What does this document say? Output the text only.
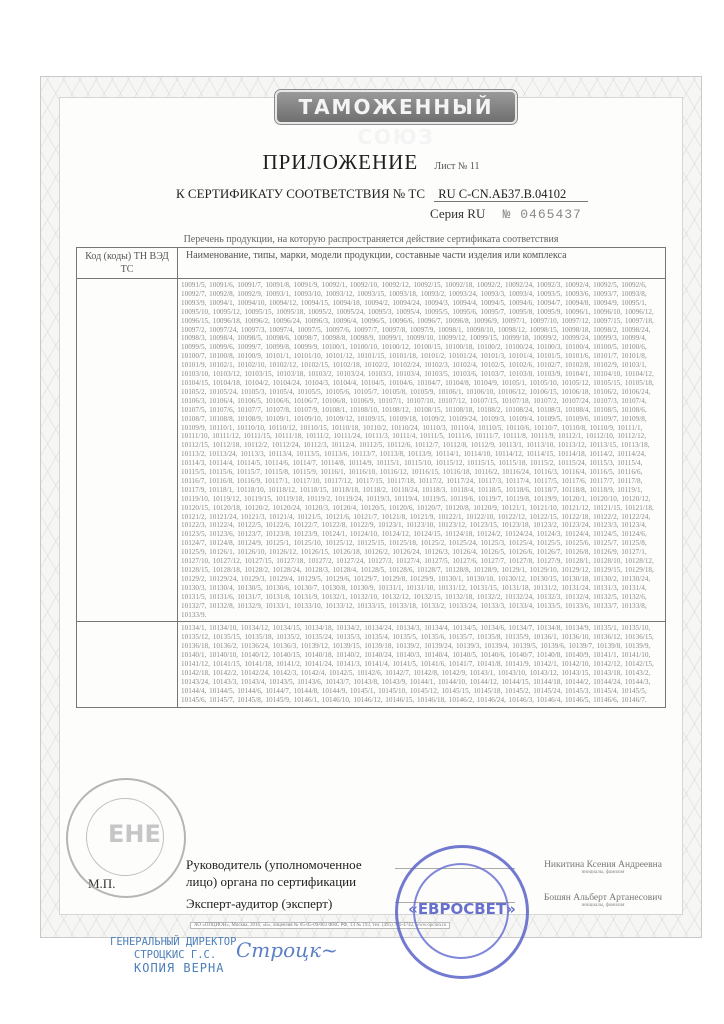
ТАМОЖЕННЫЙ СОЮЗ
ПРИЛОЖЕНИЕ Лист № 11
К СЕРТИФИКАТУ СООТВЕТСТВИЯ № ТС RU C-CN.АБ37.В.04102
Серия RU № 0465437
Перечень продукции, на которую распространяется действие сертификата соответствия
Код (коды) ТН ВЭД ТС	Наименование, типы, марки, модели продукции, составные части изделия или комплекса
	10091/5, 10091/6, 10091/7, 10091/8, 10091/9, 10092/1, 10092/10, 10092/12, 10092/15, 10092/18, 10092/2, 10092/24, 10092/3, 10092/4, 10092/5, 10092/6, 10092/7, 10092/8, 10092/9, 10093/1, 10093/10, 10093/12, 10093/15, 10093/18, 10093/2, 10093/24, 10093/3, 10093/4, 10093/5, 10093/6, 10093/7, 10093/8, 10093/9, 10094/1, 10094/10, 10094/12, 10094/15, 10094/18, 10094/2, 10094/24, 10094/3, 10094/4, 10094/5, 10094/6, 10094/7, 10094/8, 10094/9, 10095/1, 10095/10, 10095/12, 10095/15, 10095/18, 10095/2, 10095/24, 10095/3, 10095/4, 10095/5, 10095/6, 10095/7, 10095/8, 10095/9, 10096/1, 10096/10, 10096/12, 10096/15, 10096/18, 10096/2, 10096/24, 10096/3, 10096/4, 10096/5, 10096/6, 10096/7, 10096/8, 10096/9, 10097/1, 10097/10, 10097/12, 10097/15, 10097/18, 10097/2, 10097/24, 10097/3, 10097/4, 10097/5, 10097/6, 10097/7, 10097/8, 10097/9, 10098/1, 10098/10, 10098/12, 10098/15, 10098/18, 10098/2, 10098/24, 10098/3, 10098/4, 10098/5, 10098/6, 10098/7, 10098/8, 10098/9, 10099/1, 10099/10, 10099/12, 10099/15, 10099/18, 10099/2, 10099/24, 10099/3, 10099/4, 10099/5, 10099/6, 10099/7, 10099/8, 10099/9, 10100/1, 10100/10, 10100/12, 10100/15, 10100/18, 10100/2, 10100/24, 10100/3, 10100/4, 10100/5, 10100/6, 10100/7, 10100/8, 10100/9, 10101/1, 10101/10, 10101/12, 10101/15, 10101/18, 10101/2, 10101/24, 10101/3, 10101/4, 10101/5, 10101/6, 10101/7, 10101/8, 10101/9, 10102/1, 10102/10, 10102/12, 10102/15, 10102/18, 10102/2, 10102/24, 10102/3, 10102/4, 10102/5, 10102/6, 10102/7, 10102/8, 10102/9, 10103/1, 10103/10, 10103/12, 10103/15, 10103/18, 10103/2, 10103/24, 10103/3, 10103/4, 10103/5, 10103/6, 10103/7, 10103/8, 10103/9, 10104/1, 10104/10, 10104/12, 10104/15, 10104/18, 10104/2, 10104/24, 10104/3, 10104/4, 10104/5, 10104/6, 10104/7, 10104/8, 10104/9, 10105/1, 10105/10, 10105/12, 10105/15, 10105/18, 10105/2, 10105/24, 10105/3, 10105/4, 10105/5, 10105/6, 10105/7, 10105/8, 10105/9, 10106/1, 10106/10, 10106/12, 10106/15, 10106/18, 10106/2, 10106/24, 10106/3, 10106/4, 10106/5, 10106/6, 10106/7, 10106/8, 10106/9, 10107/1, 10107/10, 10107/12, 10107/15, 10107/18, 10107/2, 10107/24, 10107/3, 10107/4, 10107/5, 10107/6, 10107/7, 10107/8, 10107/9, 10108/1, 10108/10, 10108/12, 10108/15, 10108/18, 10108/2, 10108/24, 10108/3, 10108/4, 10108/5, 10108/6, 10108/7, 10108/8, 10108/9, 10109/1, 10109/10, 10109/12, 10109/15, 10109/18, 10109/2, 10109/24, 10109/3, 10109/4, 10109/5, 10109/6, 10109/7, 10109/8, 10109/9, 10110/1, 10110/10, 10110/12, 10110/15, 10110/18, 10110/2, 10110/24, 10110/3, 10110/4, 10110/5, 10110/6, 10110/7, 10110/8, 10110/9, 10111/1, 10111/10, 10111/12, 10111/15, 10111/18, 10111/2, 10111/24, 10111/3, 10111/4, 10111/5, 10111/6, 10111/7, 10111/8, 10111/9, 10112/1, 10112/10, 10112/12, 10112/15, 10112/18, 10112/2, 10112/24, 10112/3, 10112/4, 10112/5, 10112/6, 10112/7, 10112/8, 10112/9, 10113/1, 10113/10, 10113/12, 10113/15, 10113/18, 10113/2, 10113/24, 10113/3, 10113/4, 10113/5, 10113/6, 10113/7, 10113/8, 10113/9, 10114/1, 10114/10, 10114/12, 10114/15, 10114/18, 10114/2, 10114/24, 10114/3, 10114/4, 10114/5, 10114/6, 10114/7, 10114/8, 10114/9, 10115/1, 10115/10, 10115/12, 10115/15, 10115/18, 10115/2, 10115/24, 10115/3, 10115/4, 10115/5, 10115/6, 10115/7, 10115/8, 10115/9, 10116/1, 10116/10, 10116/12, 10116/15, 10116/18, 10116/2, 10116/24, 10116/3, 10116/4, 10116/5, 10116/6, 10116/7, 10116/8, 10116/9, 10117/1, 10117/10, 10117/12, 10117/15, 10117/18, 10117/2, 10117/24, 10117/3, 10117/4, 10117/5, 10117/6, 10117/7, 10117/8, 10117/9, 10118/1, 10118/10, 10118/12, 10118/15, 10118/18, 10118/2, 10118/24, 10118/3, 10118/4, 10118/5, 10118/6, 10118/7, 10118/8, 10118/9, 10119/1, 10119/10, 10119/12, 10119/15, 10119/18, 10119/2, 10119/24, 10119/3, 10119/4, 10119/5, 10119/6, 10119/7, 10119/8, 10119/9, 10120/1, 10120/10, 10120/12, 10120/15, 10120/18, 10120/2, 10120/24, 10120/3, 10120/4, 10120/5, 10120/6, 10120/7, 10120/8, 10120/9, 10121/1, 10121/10, 10121/12, 10121/15, 10121/18, 10121/2, 10121/24, 10121/3, 10121/4, 10121/5, 10121/6, 10121/7, 10121/8, 10121/9, 10122/1, 10122/10, 10122/12, 10122/15, 10122/18, 10122/2, 10122/24, 10122/3, 10122/4, 10122/5, 10122/6, 10122/7, 10122/8, 10122/9, 10123/1, 10123/10, 10123/12, 10123/15, 10123/18, 10123/2, 10123/24, 10123/3, 10123/4, 10123/5, 10123/6, 10123/7, 10123/8, 10123/9, 10124/1, 10124/10, 10124/12, 10124/15, 10124/18, 10124/2, 10124/24, 10124/3, 10124/4, 10124/5, 10124/6, 10124/7, 10124/8, 10124/9, 10125/1, 10125/10, 10125/12, 10125/15, 10125/18, 10125/2, 10125/24, 10125/3, 10125/4, 10125/5, 10125/6, 10125/7, 10125/8, 10125/9, 10126/1, 10126/10, 10126/12, 10126/15, 10126/18, 10126/2, 10126/24, 10126/3, 10126/4, 10126/5, 10126/6, 10126/7, 10126/8, 10126/9, 10127/1, 10127/10, 10127/12, 10127/15, 10127/18, 10127/2, 10127/24, 10127/3, 10127/4, 10127/5, 10127/6, 10127/7, 10127/8, 10127/9, 10128/1, 10128/10, 10128/12, 10128/15, 10128/18, 10128/2, 10128/24, 10128/3, 10128/4, 10128/5, 10128/6, 10128/7, 10128/8, 10128/9, 10129/1, 10129/10, 10129/12, 10129/15, 10129/18, 10129/2, 10129/24, 10129/3, 10129/4, 10129/5, 10129/6, 10129/7, 10129/8, 10129/9, 10130/1, 10130/10, 10130/12, 10130/15, 10130/18, 10130/2, 10130/24, 10130/3, 10130/4, 10130/5, 10130/6, 10130/7, 10130/8, 10130/9, 10131/1, 10131/10, 10131/12, 10131/15, 10131/18, 10131/2, 10131/24, 10131/3, 10131/4, 10131/5, 10131/6, 10131/7, 10131/8, 10131/9, 10132/1, 10132/10, 10132/12, 10132/15, 10132/18, 10132/2, 10132/24, 10132/3, 10132/4, 10132/5, 10132/6, 10132/7, 10132/8, 10132/9, 10133/1, 10133/10, 10133/12, 10133/15, 10133/18, 10133/2, 10133/24, 10133/3, 10133/4, 10133/5, 10133/6, 10133/7, 10133/8, 10133/9.
	10134/1, 10134/10, 10134/12, 10134/15, 10134/18, 10134/2, 10134/24, 10134/3, 10134/4, 10134/5, 10134/6, 10134/7, 10134/8, 10134/9, 10135/1, 10135/10, 10135/12, 10135/15, 10135/18, 10135/2, 10135/24, 10135/3, 10135/4, 10135/5, 10135/6, 10135/7, 10135/8, 10135/9, 10136/1, 10136/10, 10136/12, 10136/15, 10136/18, 10136/2, 10136/24, 10136/3, 10139/12, 10139/15, 10139/18, 10139/2, 10139/24, 10139/3, 10139/4, 10139/5, 10139/6, 10139/7, 10139/8, 10139/9, 10140/1, 10140/10, 10140/12, 10140/15, 10140/18, 10140/2, 10140/24, 10140/3, 10140/4, 10140/5, 10140/6, 10140/7, 10140/8, 10140/9, 10141/1, 10141/10, 10141/12, 10141/15, 10141/18, 10141/2, 10141/24, 10141/3, 10141/4, 10141/5, 10141/6, 10141/7, 10141/8, 10141/9, 10142/1, 10142/10, 10142/12, 10142/15, 10142/18, 10142/2, 10142/24, 10142/3, 10142/4, 10142/5, 10142/6, 10142/7, 10142/8, 10142/9, 10143/1, 10143/10, 10143/12, 10143/15, 10143/18, 10143/2, 10143/24, 10143/3, 10143/4, 10143/5, 10143/6, 10143/7, 10143/8, 10143/9, 10144/1, 10144/10, 10144/12, 10144/15, 10144/18, 10144/2, 10144/24, 10144/3, 10144/4, 10144/5, 10144/6, 10144/7, 10144/8, 10144/9, 10145/1, 10145/10, 10145/12, 10145/15, 10145/18, 10145/2, 10145/24, 10145/3, 10145/4, 10145/5, 10145/6, 10145/7, 10145/8, 10145/9, 10146/1, 10146/10, 10146/12, 10146/15, 10146/18, 10146/2, 10146/24, 10146/3, 10146/4, 10146/5, 10146/6, 10146/7.
М.П.
Руководитель (уполномоченное
лицо) органа по сертификации
Эксперт-аудитор (эксперт)
Никитина Ксения Андреевна
инициалы, фамилия
Бошян Альберт Артанесович
инициалы, фамилия
АО «ОПЦИОН», Москва, 2016, «Б», лицензия № 05-05-09/003 ФНС РФ, ТЗ № 193, тел. (495) 726-4742, www.opcion.ru
ЕНЕ
«ЕВРОСВЕТ»
ГЕНЕРАЛЬНЫЙ ДИРЕКТОР
СТРОЦКИС Г.С.
КОПИЯ ВЕРНА
Строцк~
